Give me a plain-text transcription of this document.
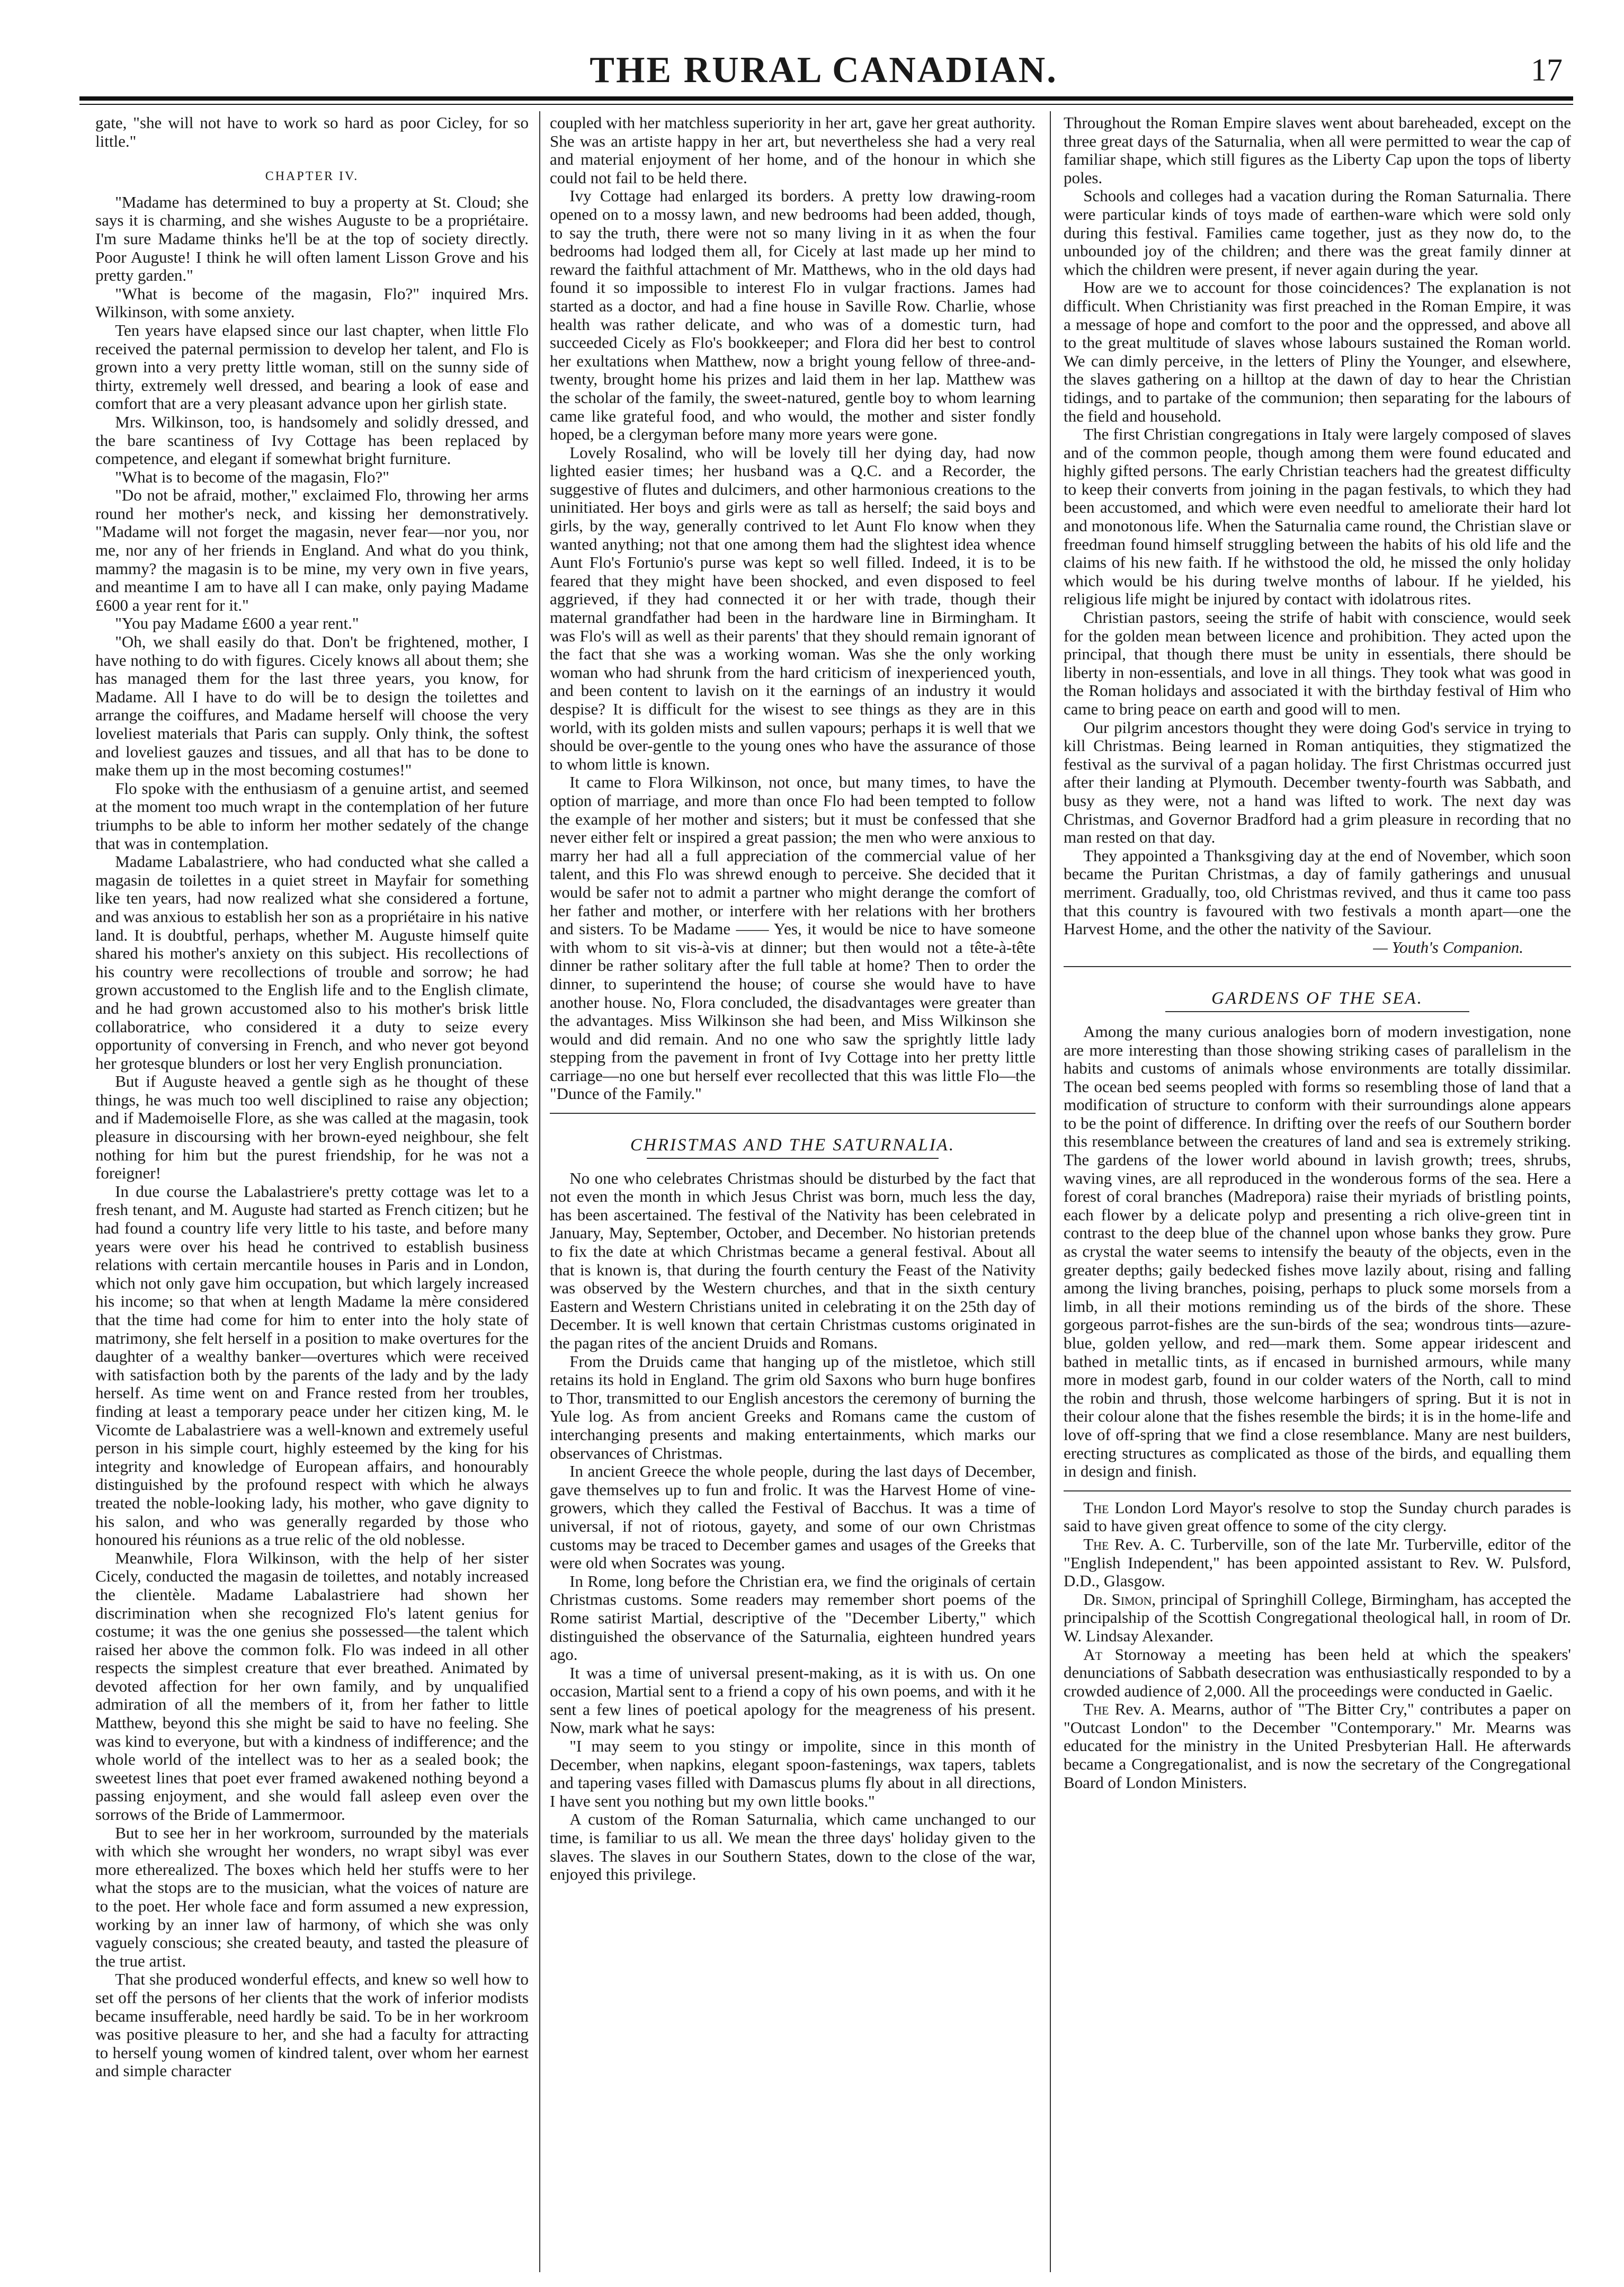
THE RURAL CANADIAN.	17

gate, "she will not have to work so hard as poor Cicley, for so little."

CHAPTER IV.

"Madame has determined to buy a property at St. Cloud; she says it is charming, and she wishes Auguste to be a propriétaire. I'm sure Madame thinks he'll be at the top of society directly. Poor Auguste! I think he will often lament Lisson Grove and his pretty garden."

"What is become of the magasin, Flo?" inquired Mrs. Wilkinson, with some anxiety.

Ten years have elapsed since our last chapter, when little Flo received the paternal permission to develop her talent, and Flo is grown into a very pretty little woman, still on the sunny side of thirty, extremely well dressed, and bearing a look of ease and comfort that are a very pleasant advance upon her girlish state.

Mrs. Wilkinson, too, is handsomely and solidly dressed, and the bare scantiness of Ivy Cottage has been replaced by competence, and elegant if somewhat bright furniture.

"What is to become of the magasin, Flo?"

"Do not be afraid, mother," exclaimed Flo, throwing her arms round her mother's neck, and kissing her demonstratively. "Madame will not forget the magasin, never fear—nor you, nor me, nor any of her friends in England. And what do you think, mammy? the magasin is to be mine, my very own in five years, and meantime I am to have all I can make, only paying Madame £600 a year rent for it."

"You pay Madame £600 a year rent."

"Oh, we shall easily do that. Don't be frightened, mother, I have nothing to do with figures. Cicely knows all about them; she has managed them for the last three years, you know, for Madame. All I have to do will be to design the toilettes and arrange the coiffures, and Madame herself will choose the very loveliest materials that Paris can supply. Only think, the softest and loveliest gauzes and tissues, and all that has to be done to make them up in the most becoming costumes!"

Flo spoke with the enthusiasm of a genuine artist, and seemed at the moment too much wrapt in the contemplation of her future triumphs to be able to inform her mother sedately of the change that was in contemplation.

Madame Labalastriere, who had conducted what she called a magasin de toilettes in a quiet street in Mayfair for something like ten years, had now realized what she considered a fortune, and was anxious to establish her son as a propriétaire in his native land. It is doubtful, perhaps, whether M. Auguste himself quite shared his mother's anxiety on this subject. His recollections of his country were recollections of trouble and sorrow; he had grown accustomed to the English life and to the English climate, and he had grown accustomed also to his mother's brisk little collaboratrice, who considered it a duty to seize every opportunity of conversing in French, and who never got beyond her grotesque blunders or lost her very English pronunciation.

But if Auguste heaved a gentle sigh as he thought of these things, he was much too well disciplined to raise any objection; and if Mademoiselle Flore, as she was called at the magasin, took pleasure in discoursing with her brown-eyed neighbour, she felt nothing for him but the purest friendship, for he was not a foreigner!

In due course the Labalastriere's pretty cottage was let to a fresh tenant, and M. Auguste had started as French citizen; but he had found a country life very little to his taste, and before many years were over his head he contrived to establish business relations with certain mercantile houses in Paris and in London, which not only gave him occupation, but which largely increased his income; so that when at length Madame la mère considered that the time had come for him to enter into the holy state of matrimony, she felt herself in a position to make overtures for the daughter of a wealthy banker—overtures which were received with satisfaction both by the parents of the lady and by the lady herself. As time went on and France rested from her troubles, finding at least a temporary peace under her citizen king, M. le Vicomte de Labalastriere was a well-known and extremely useful person in his simple court, highly esteemed by the king for his integrity and knowledge of European affairs, and honourably distinguished by the profound respect with which he always treated the noble-looking lady, his mother, who gave dignity to his salon, and who was generally regarded by those who honoured his réunions as a true relic of the old noblesse.

Meanwhile, Flora Wilkinson, with the help of her sister Cicely, conducted the magasin de toilettes, and notably increased the clientèle. Madame Labalastriere had shown her discrimination when she recognized Flo's latent genius for costume; it was the one genius she possessed—the talent which raised her above the common folk. Flo was indeed in all other respects the simplest creature that ever breathed. Animated by devoted affection for her own family, and by unqualified admiration of all the members of it, from her father to little Matthew, beyond this she might be said to have no feeling. She was kind to everyone, but with a kindness of indifference; and the whole world of the intellect was to her as a sealed book; the sweetest lines that poet ever framed awakened nothing beyond a passing enjoyment, and she would fall asleep even over the sorrows of the Bride of Lammermoor.

But to see her in her workroom, surrounded by the materials with which she wrought her wonders, no wrapt sibyl was ever more etherealized. The boxes which held her stuffs were to her what the stops are to the musician, what the voices of nature are to the poet. Her whole face and form assumed a new expression, working by an inner law of harmony, of which she was only vaguely conscious; she created beauty, and tasted the pleasure of the true artist.

That she produced wonderful effects, and knew so well how to set off the persons of her clients that the work of inferior modists became insufferable, need hardly be said. To be in her workroom was positive pleasure to her, and she had a faculty for attracting to herself young women of kindred talent, over whom her earnest and simple character

coupled with her matchless superiority in her art, gave her great authority. She was an artiste happy in her art, but nevertheless she had a very real and material enjoyment of her home, and of the honour in which she could not fail to be held there.

Ivy Cottage had enlarged its borders. A pretty low drawing-room opened on to a mossy lawn, and new bedrooms had been added, though, to say the truth, there were not so many living in it as when the four bedrooms had lodged them all, for Cicely at last made up her mind to reward the faithful attachment of Mr. Matthews, who in the old days had found it so impossible to interest Flo in vulgar fractions. James had started as a doctor, and had a fine house in Saville Row. Charlie, whose health was rather delicate, and who was of a domestic turn, had succeeded Cicely as Flo's bookkeeper; and Flora did her best to control her exultations when Matthew, now a bright young fellow of three-and-twenty, brought home his prizes and laid them in her lap. Matthew was the scholar of the family, the sweet-natured, gentle boy to whom learning came like grateful food, and who would, the mother and sister fondly hoped, be a clergyman before many more years were gone.

Lovely Rosalind, who will be lovely till her dying day, had now lighted easier times; her husband was a Q.C. and a Recorder, the suggestive of flutes and dulcimers, and other harmonious creations to the uninitiated. Her boys and girls were as tall as herself; the said boys and girls, by the way, generally contrived to let Aunt Flo know when they wanted anything; not that one among them had the slightest idea whence Aunt Flo's Fortunio's purse was kept so well filled. Indeed, it is to be feared that they might have been shocked, and even disposed to feel aggrieved, if they had connected it or her with trade, though their maternal grandfather had been in the hardware line in Birmingham. It was Flo's will as well as their parents' that they should remain ignorant of the fact that she was a working woman. Was she the only working woman who had shrunk from the hard criticism of inexperienced youth, and been content to lavish on it the earnings of an industry it would despise? It is difficult for the wisest to see things as they are in this world, with its golden mists and sullen vapours; perhaps it is well that we should be over-gentle to the young ones who have the assurance of those to whom little is known.

It came to Flora Wilkinson, not once, but many times, to have the option of marriage, and more than once Flo had been tempted to follow the example of her mother and sisters; but it must be confessed that she never either felt or inspired a great passion; the men who were anxious to marry her had all a full appreciation of the commercial value of her talent, and this Flo was shrewd enough to perceive. She decided that it would be safer not to admit a partner who might derange the comfort of her father and mother, or interfere with her relations with her brothers and sisters. To be Madame —— Yes, it would be nice to have someone with whom to sit vis-à-vis at dinner; but then would not a tête-à-tête dinner be rather solitary after the full table at home? Then to order the dinner, to superintend the house; of course she would have to have another house. No, Flora concluded, the disadvantages were greater than the advantages. Miss Wilkinson she had been, and Miss Wilkinson she would and did remain. And no one who saw the sprightly little lady stepping from the pavement in front of Ivy Cottage into her pretty little carriage—no one but herself ever recollected that this was little Flo—the "Dunce of the Family."

CHRISTMAS AND THE SATURNALIA.

No one who celebrates Christmas should be disturbed by the fact that not even the month in which Jesus Christ was born, much less the day, has been ascertained. The festival of the Nativity has been celebrated in January, May, September, October, and December. No historian pretends to fix the date at which Christmas became a general festival. About all that is known is, that during the fourth century the Feast of the Nativity was observed by the Western churches, and that in the sixth century Eastern and Western Christians united in celebrating it on the 25th day of December. It is well known that certain Christmas customs originated in the pagan rites of the ancient Druids and Romans.

From the Druids came that hanging up of the mistletoe, which still retains its hold in England. The grim old Saxons who burn huge bonfires to Thor, transmitted to our English ancestors the ceremony of burning the Yule log. As from ancient Greeks and Romans came the custom of interchanging presents and making entertainments, which marks our observances of Christmas.

In ancient Greece the whole people, during the last days of December, gave themselves up to fun and frolic. It was the Harvest Home of vine-growers, which they called the Festival of Bacchus. It was a time of universal, if not of riotous, gayety, and some of our own Christmas customs may be traced to December games and usages of the Greeks that were old when Socrates was young.

In Rome, long before the Christian era, we find the originals of certain Christmas customs. Some readers may remember short poems of the Rome satirist Martial, descriptive of the "December Liberty," which distinguished the observance of the Saturnalia, eighteen hundred years ago.

It was a time of universal present-making, as it is with us. On one occasion, Martial sent to a friend a copy of his own poems, and with it he sent a few lines of poetical apology for the meagreness of his present. Now, mark what he says:

"I may seem to you stingy or impolite, since in this month of December, when napkins, elegant spoon-fastenings, wax tapers, tablets and tapering vases filled with Damascus plums fly about in all directions, I have sent you nothing but my own little books."

A custom of the Roman Saturnalia, which came unchanged to our time, is familiar to us all. We mean the three days' holiday given to the slaves. The slaves in our Southern States, down to the close of the war, enjoyed this privilege.

Throughout the Roman Empire slaves went about bareheaded, except on the three great days of the Saturnalia, when all were permitted to wear the cap of familiar shape, which still figures as the Liberty Cap upon the tops of liberty poles.

Schools and colleges had a vacation during the Roman Saturnalia. There were particular kinds of toys made of earthen-ware which were sold only during this festival. Families came together, just as they now do, to the unbounded joy of the children; and there was the great family dinner at which the children were present, if never again during the year.

How are we to account for those coincidences? The explanation is not difficult. When Christianity was first preached in the Roman Empire, it was a message of hope and comfort to the poor and the oppressed, and above all to the great multitude of slaves whose labours sustained the Roman world. We can dimly perceive, in the letters of Pliny the Younger, and elsewhere, the slaves gathering on a hilltop at the dawn of day to hear the Christian tidings, and to partake of the communion; then separating for the labours of the field and household.

The first Christian congregations in Italy were largely composed of slaves and of the common people, though among them were found educated and highly gifted persons. The early Christian teachers had the greatest difficulty to keep their converts from joining in the pagan festivals, to which they had been accustomed, and which were even needful to ameliorate their hard lot and monotonous life. When the Saturnalia came round, the Christian slave or freedman found himself struggling between the habits of his old life and the claims of his new faith. If he withstood the old, he missed the only holiday which would be his during twelve months of labour. If he yielded, his religious life might be injured by contact with idolatrous rites.

Christian pastors, seeing the strife of habit with conscience, would seek for the golden mean between licence and prohibition. They acted upon the principal, that though there must be unity in essentials, there should be liberty in non-essentials, and love in all things. They took what was good in the Roman holidays and associated it with the birthday festival of Him who came to bring peace on earth and good will to men.

Our pilgrim ancestors thought they were doing God's service in trying to kill Christmas. Being learned in Roman antiquities, they stigmatized the festival as the survival of a pagan holiday. The first Christmas occurred just after their landing at Plymouth. December twenty-fourth was Sabbath, and busy as they were, not a hand was lifted to work. The next day was Christmas, and Governor Bradford had a grim pleasure in recording that no man rested on that day.

They appointed a Thanksgiving day at the end of November, which soon became the Puritan Christmas, a day of family gatherings and unusual merriment. Gradually, too, old Christmas revived, and thus it came too pass that this country is favoured with two festivals a month apart—one the Harvest Home, and the other the nativity of the Saviour.

— Youth's Companion.

GARDENS OF THE SEA.

Among the many curious analogies born of modern investigation, none are more interesting than those showing striking cases of parallelism in the habits and customs of animals whose environments are totally dissimilar. The ocean bed seems peopled with forms so resembling those of land that a modification of structure to conform with their surroundings alone appears to be the point of difference. In drifting over the reefs of our Southern border this resemblance between the creatures of land and sea is extremely striking. The gardens of the lower world abound in lavish growth; trees, shrubs, waving vines, are all reproduced in the wonderous forms of the sea. Here a forest of coral branches (Madrepora) raise their myriads of bristling points, each flower by a delicate polyp and presenting a rich olive-green tint in contrast to the deep blue of the channel upon whose banks they grow. Pure as crystal the water seems to intensify the beauty of the objects, even in the greater depths; gaily bedecked fishes move lazily about, rising and falling among the living branches, poising, perhaps to pluck some morsels from a limb, in all their motions reminding us of the birds of the shore. These gorgeous parrot-fishes are the sun-birds of the sea; wondrous tints—azure-blue, golden yellow, and red—mark them. Some appear iridescent and bathed in metallic tints, as if encased in burnished armours, while many more in modest garb, found in our colder waters of the North, call to mind the robin and thrush, those welcome harbingers of spring. But it is not in their colour alone that the fishes resemble the birds; it is in the home-life and love of off-spring that we find a close resemblance. Many are nest builders, erecting structures as complicated as those of the birds, and equalling them in design and finish.

The London Lord Mayor's resolve to stop the Sunday church parades is said to have given great offence to some of the city clergy.

The Rev. A. C. Turberville, son of the late Mr. Turberville, editor of the "English Independent," has been appointed assistant to Rev. W. Pulsford, D.D., Glasgow.

Dr. Simon, principal of Springhill College, Birmingham, has accepted the principalship of the Scottish Congregational theological hall, in room of Dr. W. Lindsay Alexander.

At Stornoway a meeting has been held at which the speakers' denunciations of Sabbath desecration was enthusiastically responded to by a crowded audience of 2,000. All the proceedings were conducted in Gaelic.

The Rev. A. Mearns, author of "The Bitter Cry," contributes a paper on "Outcast London" to the December "Contemporary." Mr. Mearns was educated for the ministry in the United Presbyterian Hall. He afterwards became a Congregationalist, and is now the secretary of the Congregational Board of London Ministers.
